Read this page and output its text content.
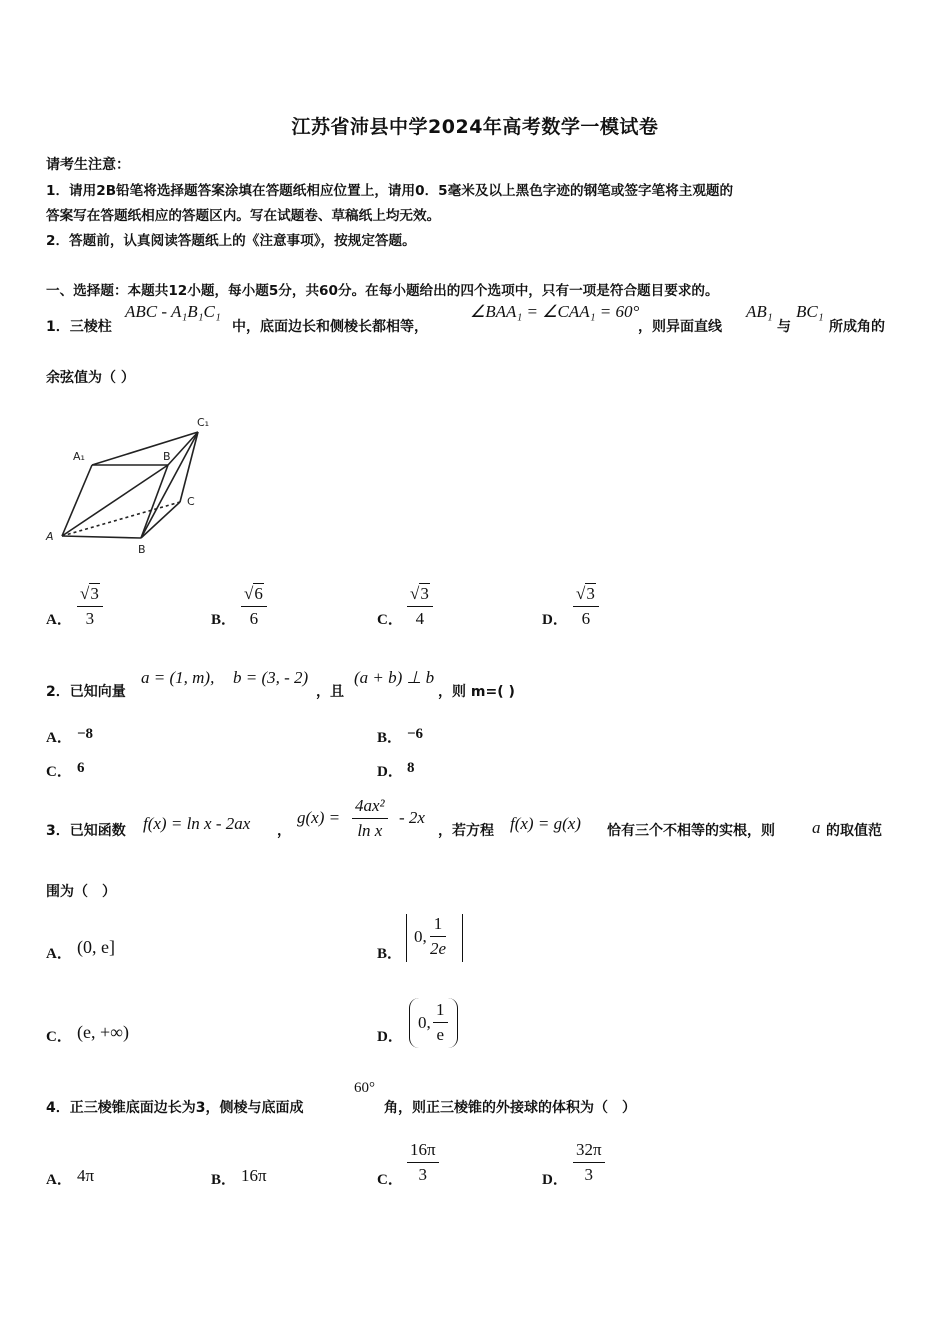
江苏省沛县中学2024年高考数学一模试卷
请考生注意：
1．请用2B铅笔将选择题答案涂填在答题纸相应位置上，请用0．5毫米及以上黑色字迹的钢笔或签字笔将主观题的
答案写在答题纸相应的答题区内。写在试题卷、草稿纸上均无效。
2．答题前，认真阅读答题纸上的《注意事项》，按规定答题。
一、选择题：本题共12小题，每小题5分，共60分。在每小题给出的四个选项中，只有一项是符合题目要求的。
1．三棱柱
ABC - A₁B₁C₁
中，底面边长和侧棱长都相等，
∠BAA₁ = ∠CAA₁ = 60°
，则异面直线
AB₁
与
BC₁
所成角的
余弦值为（ ）
A₁	B
C₁
C
A
B
A． $\frac{√3}{3}$	B． $\frac{√6}{6}$	C． $\frac{√3}{4}$	D． $\frac{√3}{6}$
2．已知向量
a = (1, m), b = (3, - 2)
，且
(a + b) ⊥ b
，则 m=( )
A． −8	B． −6
C． 6	D． 8
3．已知函数 f(x) = ln x - 2ax ，
$g(x) = \frac{\text{4ax²}}{\text{ln x}} - 2x$
，若方程 f(x) = g(x) 恰有三个不相等的实根，则 a 的取值范
围为（　）
A． (0, e]	B．
0, $\frac{1}{2e}$
C． (e, +∞)	D．
0, $\frac{1}{e}$
4．正三棱锥底面边长为3，侧棱与底面成
60°
角，则正三棱锥的外接球的体积为（　）
A． 4π	B． 16π	C． $\frac{16\pi}{3}$	D． $\frac{32\pi}{3}$
